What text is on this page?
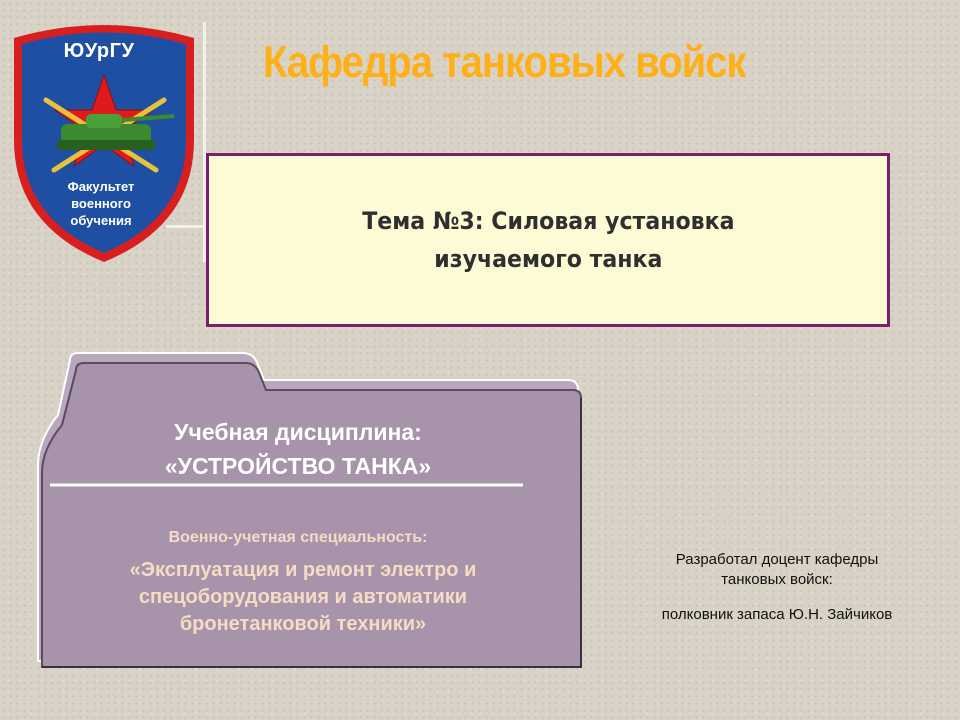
ЮУрГУ
Факультет
военного
обучения
Кафедра танковых войск
Тема №3: Силовая установка
изучаемого танка
Учебная дисциплина:
«УСТРОЙСТВО ТАНКА»
Военно-учетная специальность:
«Эксплуатация и ремонт электро и
спецоборудования и автоматики
бронетанковой техники»
Разработал доцент кафедры
танковых войск:
полковник запаса Ю.Н. Зайчиков
